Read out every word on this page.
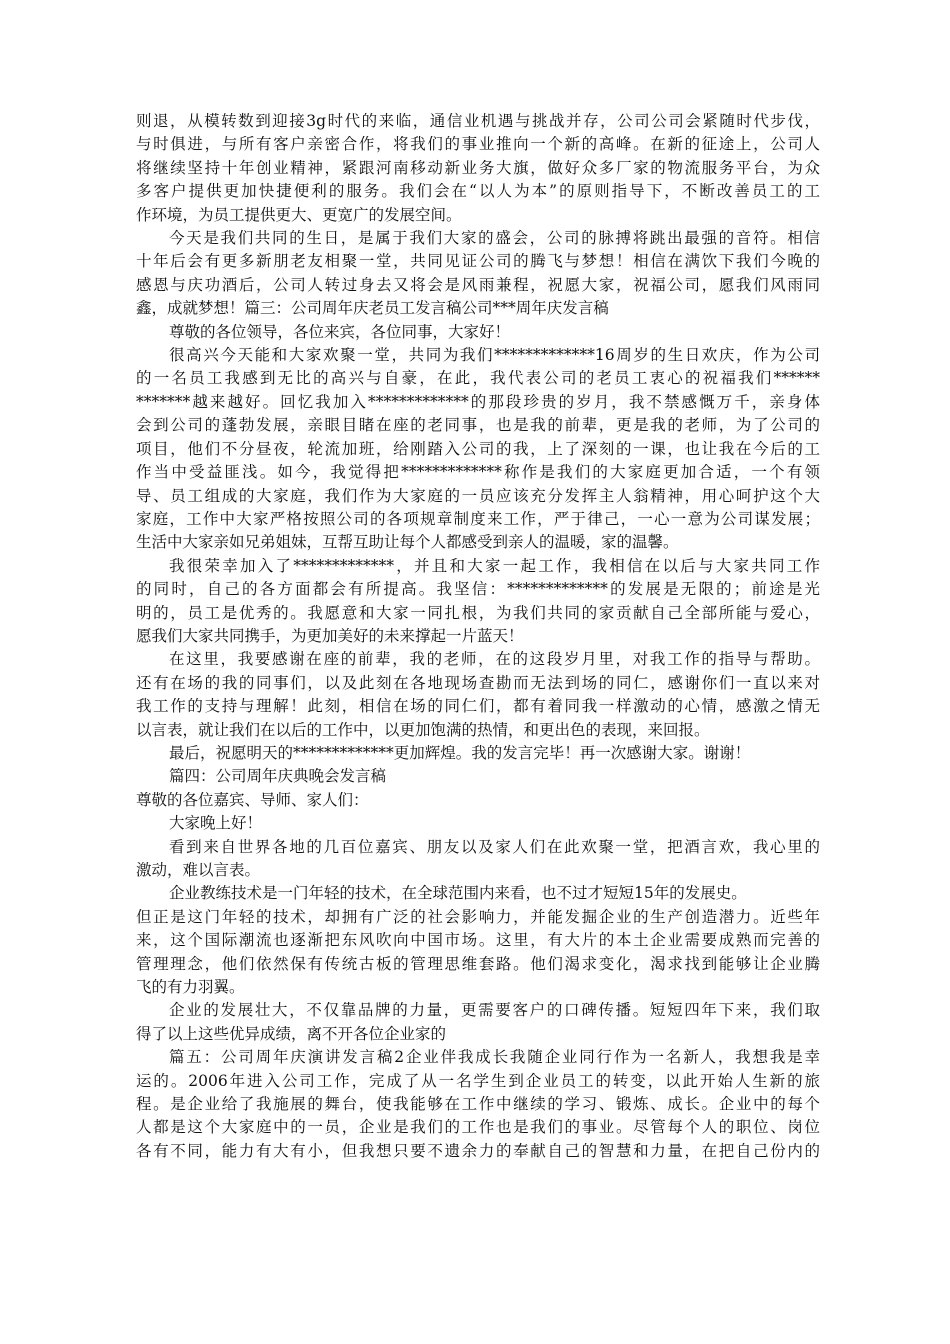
则退，从模转数到迎接3g时代的来临，通信业机遇与挑战并存，公司公司会紧随时代步伐，
与时俱进，与所有客户亲密合作，将我们的事业推向一个新的高峰。在新的征途上，公司人
将继续坚持十年创业精神，紧跟河南移动新业务大旗，做好众多厂家的物流服务平台，为众
多客户提供更加快捷便利的服务。我们会在“以人为本”的原则指导下，不断改善员工的工
作环境，为员工提供更大、更宽广的发展空间。
今天是我们共同的生日，是属于我们大家的盛会，公司的脉搏将跳出最强的音符。相信
十年后会有更多新朋老友相聚一堂，共同见证公司的腾飞与梦想！相信在满饮下我们今晚的
感恩与庆功酒后，公司人转过身去又将会是风雨兼程，祝愿大家，祝福公司，愿我们风雨同
鑫，成就梦想！篇三：公司周年庆老员工发言稿公司***周年庆发言稿
尊敬的各位领导，各位来宾，各位同事，大家好！
很高兴今天能和大家欢聚一堂，共同为我们*************16周岁的生日欢庆，作为公司
的一名员工我感到无比的高兴与自豪，在此，我代表公司的老员工衷心的祝福我们******
*******越来越好。回忆我加入*************的那段珍贵的岁月，我不禁感慨万千，亲身体
会到公司的蓬勃发展，亲眼目睹在座的老同事，也是我的前辈，更是我的老师，为了公司的
项目，他们不分昼夜，轮流加班，给刚踏入公司的我，上了深刻的一课，也让我在今后的工
作当中受益匪浅。如今，我觉得把*************称作是我们的大家庭更加合适，一个有领
导、员工组成的大家庭，我们作为大家庭的一员应该充分发挥主人翁精神，用心呵护这个大
家庭，工作中大家严格按照公司的各项规章制度来工作，严于律己，一心一意为公司谋发展；
生活中大家亲如兄弟姐妹，互帮互助让每个人都感受到亲人的温暖，家的温馨。
我很荣幸加入了*************，并且和大家一起工作，我相信在以后与大家共同工作
的同时，自己的各方面都会有所提高。我坚信：*************的发展是无限的；前途是光
明的，员工是优秀的。我愿意和大家一同扎根，为我们共同的家贡献自己全部所能与爱心，
愿我们大家共同携手，为更加美好的未来撑起一片蓝天！
在这里，我要感谢在座的前辈，我的老师，在的这段岁月里，对我工作的指导与帮助。
还有在场的我的同事们，以及此刻在各地现场查勘而无法到场的同仁，感谢你们一直以来对
我工作的支持与理解！此刻，相信在场的同仁们，都有着同我一样激动的心情，感激之情无
以言表，就让我们在以后的工作中，以更加饱满的热情，和更出色的表现，来回报。
最后，祝愿明天的*************更加辉煌。我的发言完毕！再一次感谢大家。谢谢！
篇四：公司周年庆典晚会发言稿
尊敬的各位嘉宾、导师、家人们：
大家晚上好！
看到来自世界各地的几百位嘉宾、朋友以及家人们在此欢聚一堂，把酒言欢，我心里的
激动，难以言表。
企业教练技术是一门年轻的技术，在全球范围内来看，也不过才短短15年的发展史。
但正是这门年轻的技术，却拥有广泛的社会影响力，并能发掘企业的生产创造潜力。近些年
来，这个国际潮流也逐渐把东风吹向中国市场。这里，有大片的本土企业需要成熟而完善的
管理理念，他们依然保有传统古板的管理思维套路。他们渴求变化，渴求找到能够让企业腾
飞的有力羽翼。
企业的发展壮大，不仅靠品牌的力量，更需要客户的口碑传播。短短四年下来，我们取
得了以上这些优异成绩，离不开各位企业家的
篇五：公司周年庆演讲发言稿2企业伴我成长我随企业同行作为一名新人，我想我是幸
运的。2006年进入公司工作，完成了从一名学生到企业员工的转变，以此开始人生新的旅
程。是企业给了我施展的舞台，使我能够在工作中继续的学习、锻炼、成长。企业中的每个
人都是这个大家庭中的一员，企业是我们的工作也是我们的事业。尽管每个人的职位、岗位
各有不同，能力有大有小，但我想只要不遗余力的奉献自己的智慧和力量，在把自己份内的
